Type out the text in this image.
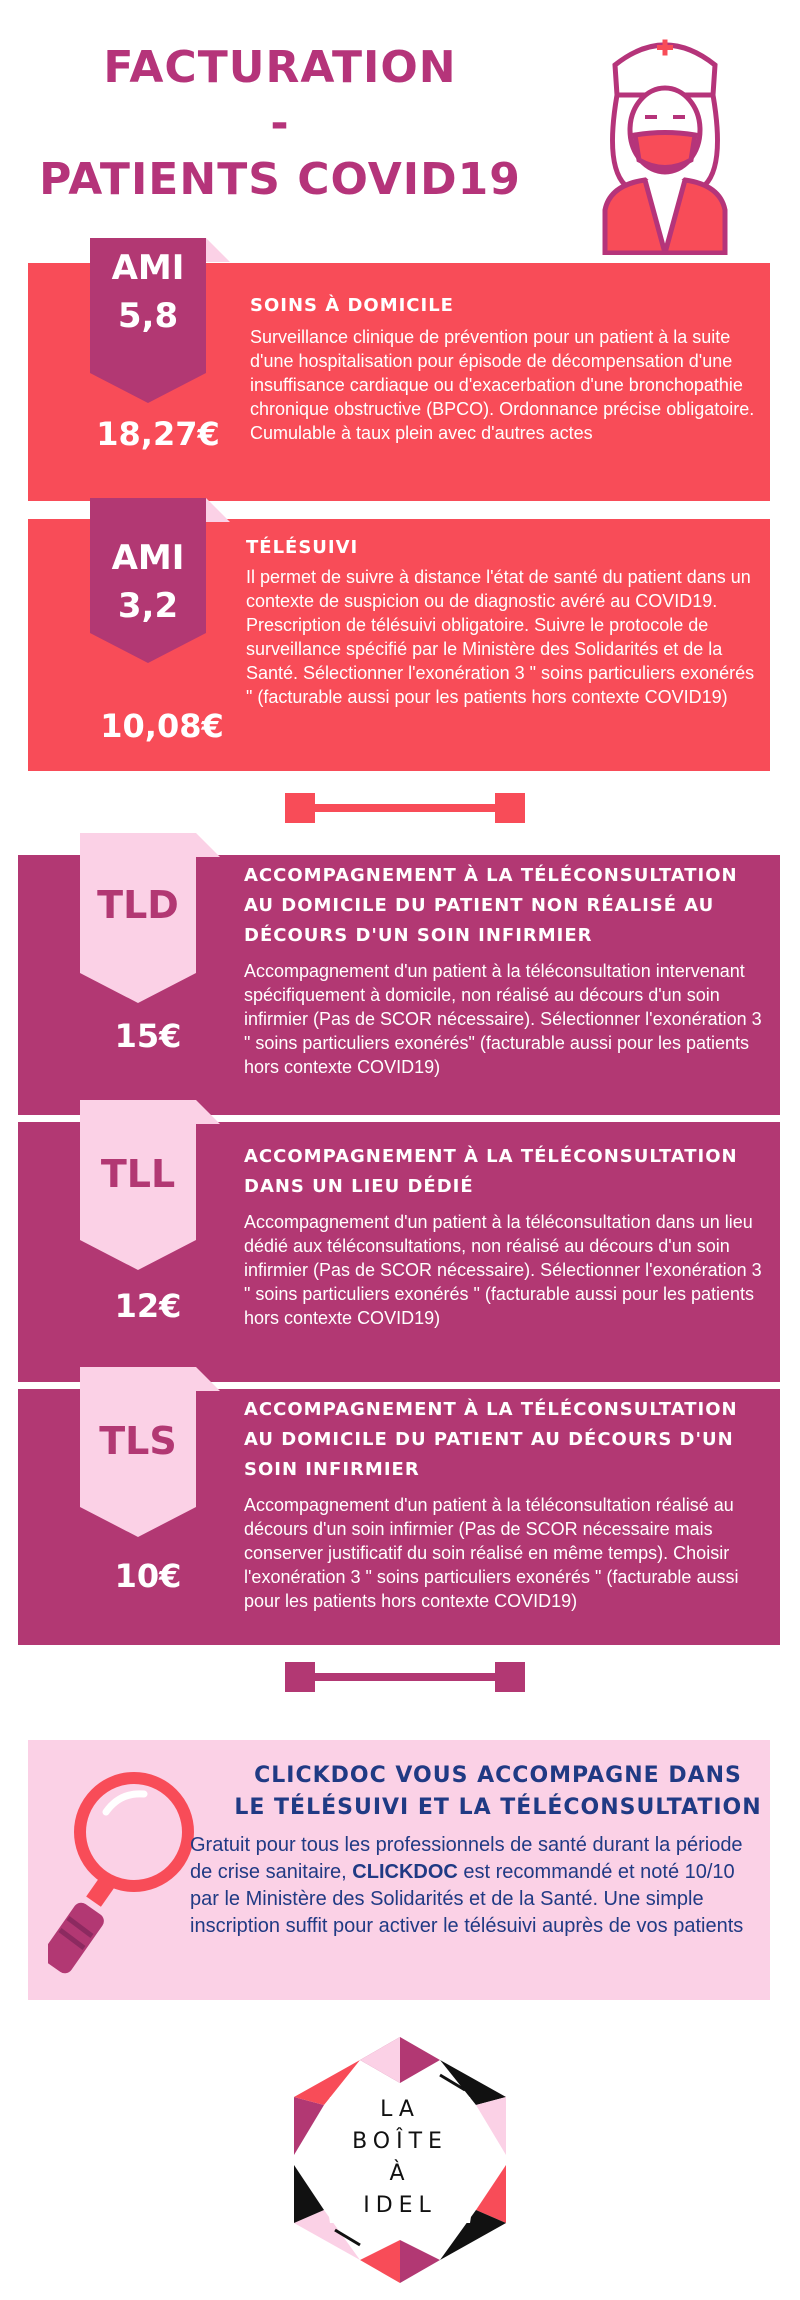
FACTURATION
-
PATIENTS COVID19
AMI
5,8
18,27€
SOINS À DOMICILE
Surveillance clinique de prévention pour un patient à la suite d'une hospitalisation pour épisode de décompensation d'une insuffisance cardiaque ou d'exacerbation d'une bronchopathie chronique obstructive (BPCO). Ordonnance précise obligatoire. Cumulable à taux plein avec d'autres actes
AMI
3,2
10,08€
TÉLÉSUIVI
Il permet de suivre à distance l'état de santé du patient dans un contexte de suspicion ou de diagnostic avéré au COVID19. Prescription de télésuivi obligatoire. Suivre le protocole de surveillance spécifié par le Ministère des Solidarités et de la Santé. Sélectionner l'exonération 3 " soins particuliers exonérés " (facturable aussi pour les patients hors contexte COVID19)
TLD
15€
ACCOMPAGNEMENT À LA TÉLÉCONSULTATION AU DOMICILE DU PATIENT NON RÉALISÉ AU DÉCOURS D'UN SOIN INFIRMIER
Accompagnement d'un patient à la téléconsultation intervenant spécifiquement à domicile, non réalisé au décours d'un soin infirmier (Pas de SCOR nécessaire). Sélectionner l'exonération 3 " soins particuliers exonérés" (facturable aussi pour les patients hors contexte COVID19)
TLL
12€
ACCOMPAGNEMENT À LA TÉLÉCONSULTATION DANS UN LIEU DÉDIÉ
Accompagnement d'un patient à la téléconsultation dans un lieu dédié aux téléconsultations, non réalisé au décours d'un soin infirmier (Pas de SCOR nécessaire). Sélectionner l'exonération 3 " soins particuliers exonérés " (facturable aussi pour les patients hors contexte COVID19)
TLS
10€
ACCOMPAGNEMENT À LA TÉLÉCONSULTATION AU DOMICILE DU PATIENT AU DÉCOURS D'UN SOIN INFIRMIER
Accompagnement d'un patient à la téléconsultation réalisé au décours d'un soin infirmier (Pas de SCOR nécessaire mais conserver justificatif du soin réalisé en même temps). Choisir l'exonération 3 " soins particuliers exonérés " (facturable aussi pour les patients hors contexte COVID19)
CLICKDOC VOUS ACCOMPAGNE DANS
LE TÉLÉSUIVI ET LA TÉLÉCONSULTATION
Gratuit pour tous les professionnels de santé durant la période de crise sanitaire, CLICKDOC est recommandé et noté 10/10 par le Ministère des Solidarités et de la Santé. Une simple inscription suffit pour activer le télésuivi auprès de vos patients
LA
BOÎTE
À
IDEL
